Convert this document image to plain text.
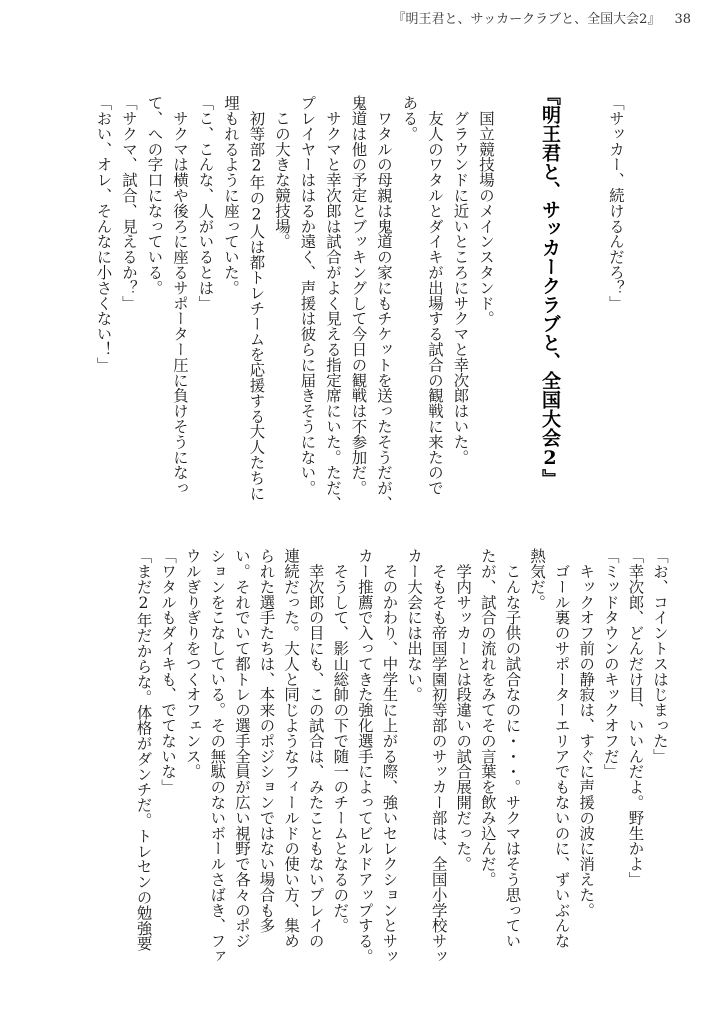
『明王君と、サッカークラブと、全国大会2』 38
「サッカー、続けるんだろ？」
『明王君と、サッカークラブと、全国大会2』
　国立競技場のメインスタンド。
　グラウンドに近いところにサクマと幸次郎はいた。
　友人のワタルとダイキが出場する試合の観戦に来たので
ある。
　ワタルの母親は鬼道の家にもチケットを送ったそうだが、
鬼道は他の予定とブッキングして今日の観戦は不参加だ。
　サクマと幸次郎は試合がよく見える指定席にいた。ただ、
プレイヤーははるか遠く、声援は彼らに届きそうにない。
　この大きな競技場。
　初等部2年の2人は都トレチームを応援する大人たちに
埋もれるように座っていた。
「こ、こんな、人がいるとは」
　サクマは横や後ろに座るサポーター圧に負けそうになっ
て、への字口になっている。
「サクマ、試合、見えるか？」
「おい、オレ、そんなに小さくない！」
「お、コイントスはじまった」
「幸次郎、どんだけ目、いいんだよ。野生かよ」
「ミッドタウンのキックオフだ」
　キックオフ前の静寂は、すぐに声援の波に消えた。
　ゴール裏のサポーターエリアでもないのに、ずいぶんな
熱気だ。
　こんな子供の試合なのに・・・。サクマはそう思ってい
たが、試合の流れをみてその言葉を飲み込んだ。
　学内サッカーとは段違いの試合展開だった。
　そもそも帝国学園初等部のサッカー部は、全国小学校サッ
カー大会には出ない。
　そのかわり、中学生に上がる際、強いセレクションとサッ
カー推薦で入ってきた強化選手によってビルドアップする。
　そうして、影山総帥の下で随一のチームとなるのだ。
　幸次郎の目にも、この試合は、みたこともないプレイの
連続だった。大人と同じようなフィールドの使い方、集め
られた選手たちは、本来のポジションではない場合も多
い。それでいて都トレの選手全員が広い視野で各々のポジ
ションをこなしている。その無駄のないボールさばき、ファ
ウルぎりぎりをつくオフェンス。
「ワタルもダイキも、でてないな」
「まだ2年だからな。体格がダンチだ。トレセンの勉強要
